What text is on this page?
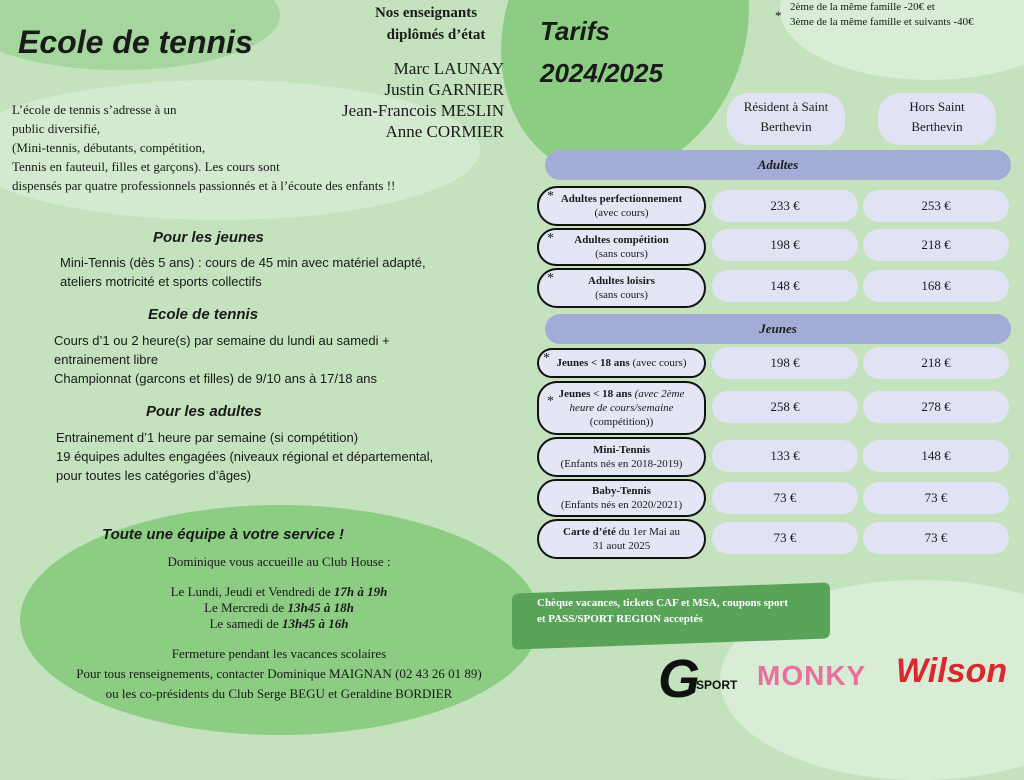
Ecole de tennis
L’école de tennis s’adresse à un
public diversifié,
(Mini-tennis, débutants, compétition,
Tennis en fauteuil, filles et garçons). Les cours sont
dispensés par quatre professionnels passionnés et à l’écoute des enfants !!
Pour les jeunes
Mini-Tennis (dès 5 ans) : cours de 45 min avec matériel adapté,
ateliers motricité et sports collectifs
Ecole de tennis
Cours d’1 ou 2 heure(s) par semaine du lundi au samedi +
entrainement libre
Championnat (garcons et filles) de 9/10 ans à 17/18 ans
Pour les adultes
Entrainement d’1 heure par semaine (si compétition)
19 équipes adultes engagées (niveaux régional et départemental,
pour toutes les catégories d’âges)
Nos enseignants
diplômés d’état
Marc LAUNAY
Justin GARNIER
Jean-Francois MESLIN
Anne CORMIER
Tarifs
2024/2025
*
2ème de la même famille -20€ et
3ème de la même famille et suivants -40€
Résident à Saint
Berthevin
Hors Saint
Berthevin
Adultes
Jeunes
* Adultes perfectionnement
(avec cours)	233 €	253 €
*	Adultes compétition
(sans cours)
198 €	218 €
*	Adultes loisirs
(sans cours)
148 €	168 €
* Jeunes < 18 ans
(avec cours)	198 €	218 €
* Jeunes < 18 ans (avec 2ème
heure de cours/semaine
(compétition))
258 €	278 €
Mini-Tennis
(Enfants nés en 2018-2019)
133 €	148 €
Baby-Tennis
(Enfants nés en 2020/2021)	73 €	73 €
Carte d’été du 1er Mai au
31 aout 2025
73 €	73 €
Chèque vacances, tickets CAF et MSA, coupons sport
et PASS/SPORT REGION acceptés
Toute une équipe à votre service !
Dominique vous accueille au Club House :
Le Lundi, Jeudi et Vendredi de 17h à 19h
Le Mercredi de 13h45 à 18h
Le samedi de 13h45 à 16h
Fermeture pendant les vacances scolaires
Pour tous renseignements, contacter Dominique MAIGNAN (02 43 26 01 89)
ou les co-présidents du Club Serge BEGU et Geraldine BORDIER	G
SPORT MONKY Wilson
